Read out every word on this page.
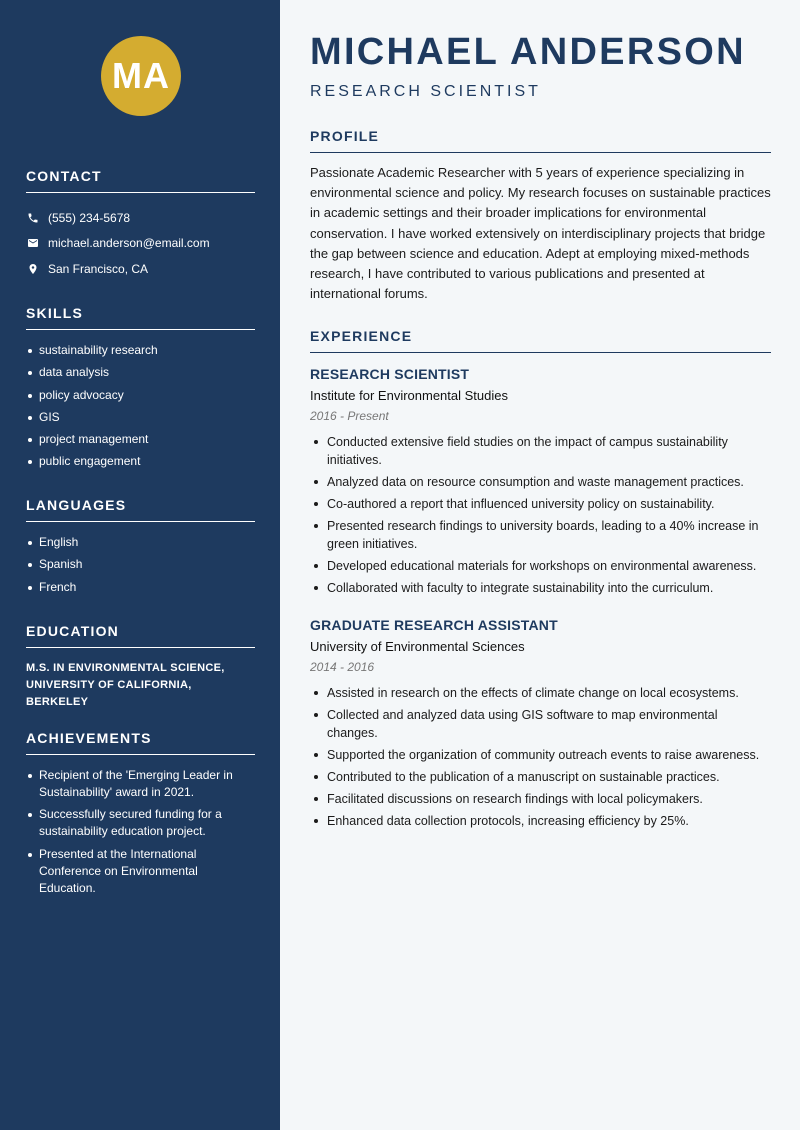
MA
CONTACT
(555) 234-5678
michael.anderson@email.com
San Francisco, CA
SKILLS
sustainability research
data analysis
policy advocacy
GIS
project management
public engagement
LANGUAGES
English
Spanish
French
EDUCATION
M.S. IN ENVIRONMENTAL SCIENCE,
UNIVERSITY OF CALIFORNIA, BERKELEY
ACHIEVEMENTS
Recipient of the 'Emerging Leader in Sustainability' award in 2021.
Successfully secured funding for a sustainability education project.
Presented at the International Conference on Environmental Education.
MICHAEL ANDERSON
RESEARCH SCIENTIST
PROFILE

Passionate Academic Researcher with 5 years of experience specializing in environmental science and policy. My research focuses on sustainable practices in academic settings and their broader implications for environmental conservation. I have worked extensively on interdisciplinary projects that bridge the gap between science and education. Adept at employing mixed-methods research, I have contributed to various publications and presented at international forums.

EXPERIENCE
RESEARCH SCIENTIST
Institute for Environmental Studies
2016 - Present
Conducted extensive field studies on the impact of campus sustainability initiatives.
Analyzed data on resource consumption and waste management practices.
Co-authored a report that influenced university policy on sustainability.
Presented research findings to university boards, leading to a 40% increase in green initiatives.
Developed educational materials for workshops on environmental awareness.
Collaborated with faculty to integrate sustainability into the curriculum.
GRADUATE RESEARCH ASSISTANT
University of Environmental Sciences
2014 - 2016
Assisted in research on the effects of climate change on local ecosystems.
Collected and analyzed data using GIS software to map environmental changes.
Supported the organization of community outreach events to raise awareness.
Contributed to the publication of a manuscript on sustainable practices.
Facilitated discussions on research findings with local policymakers.
Enhanced data collection protocols, increasing efficiency by 25%.
